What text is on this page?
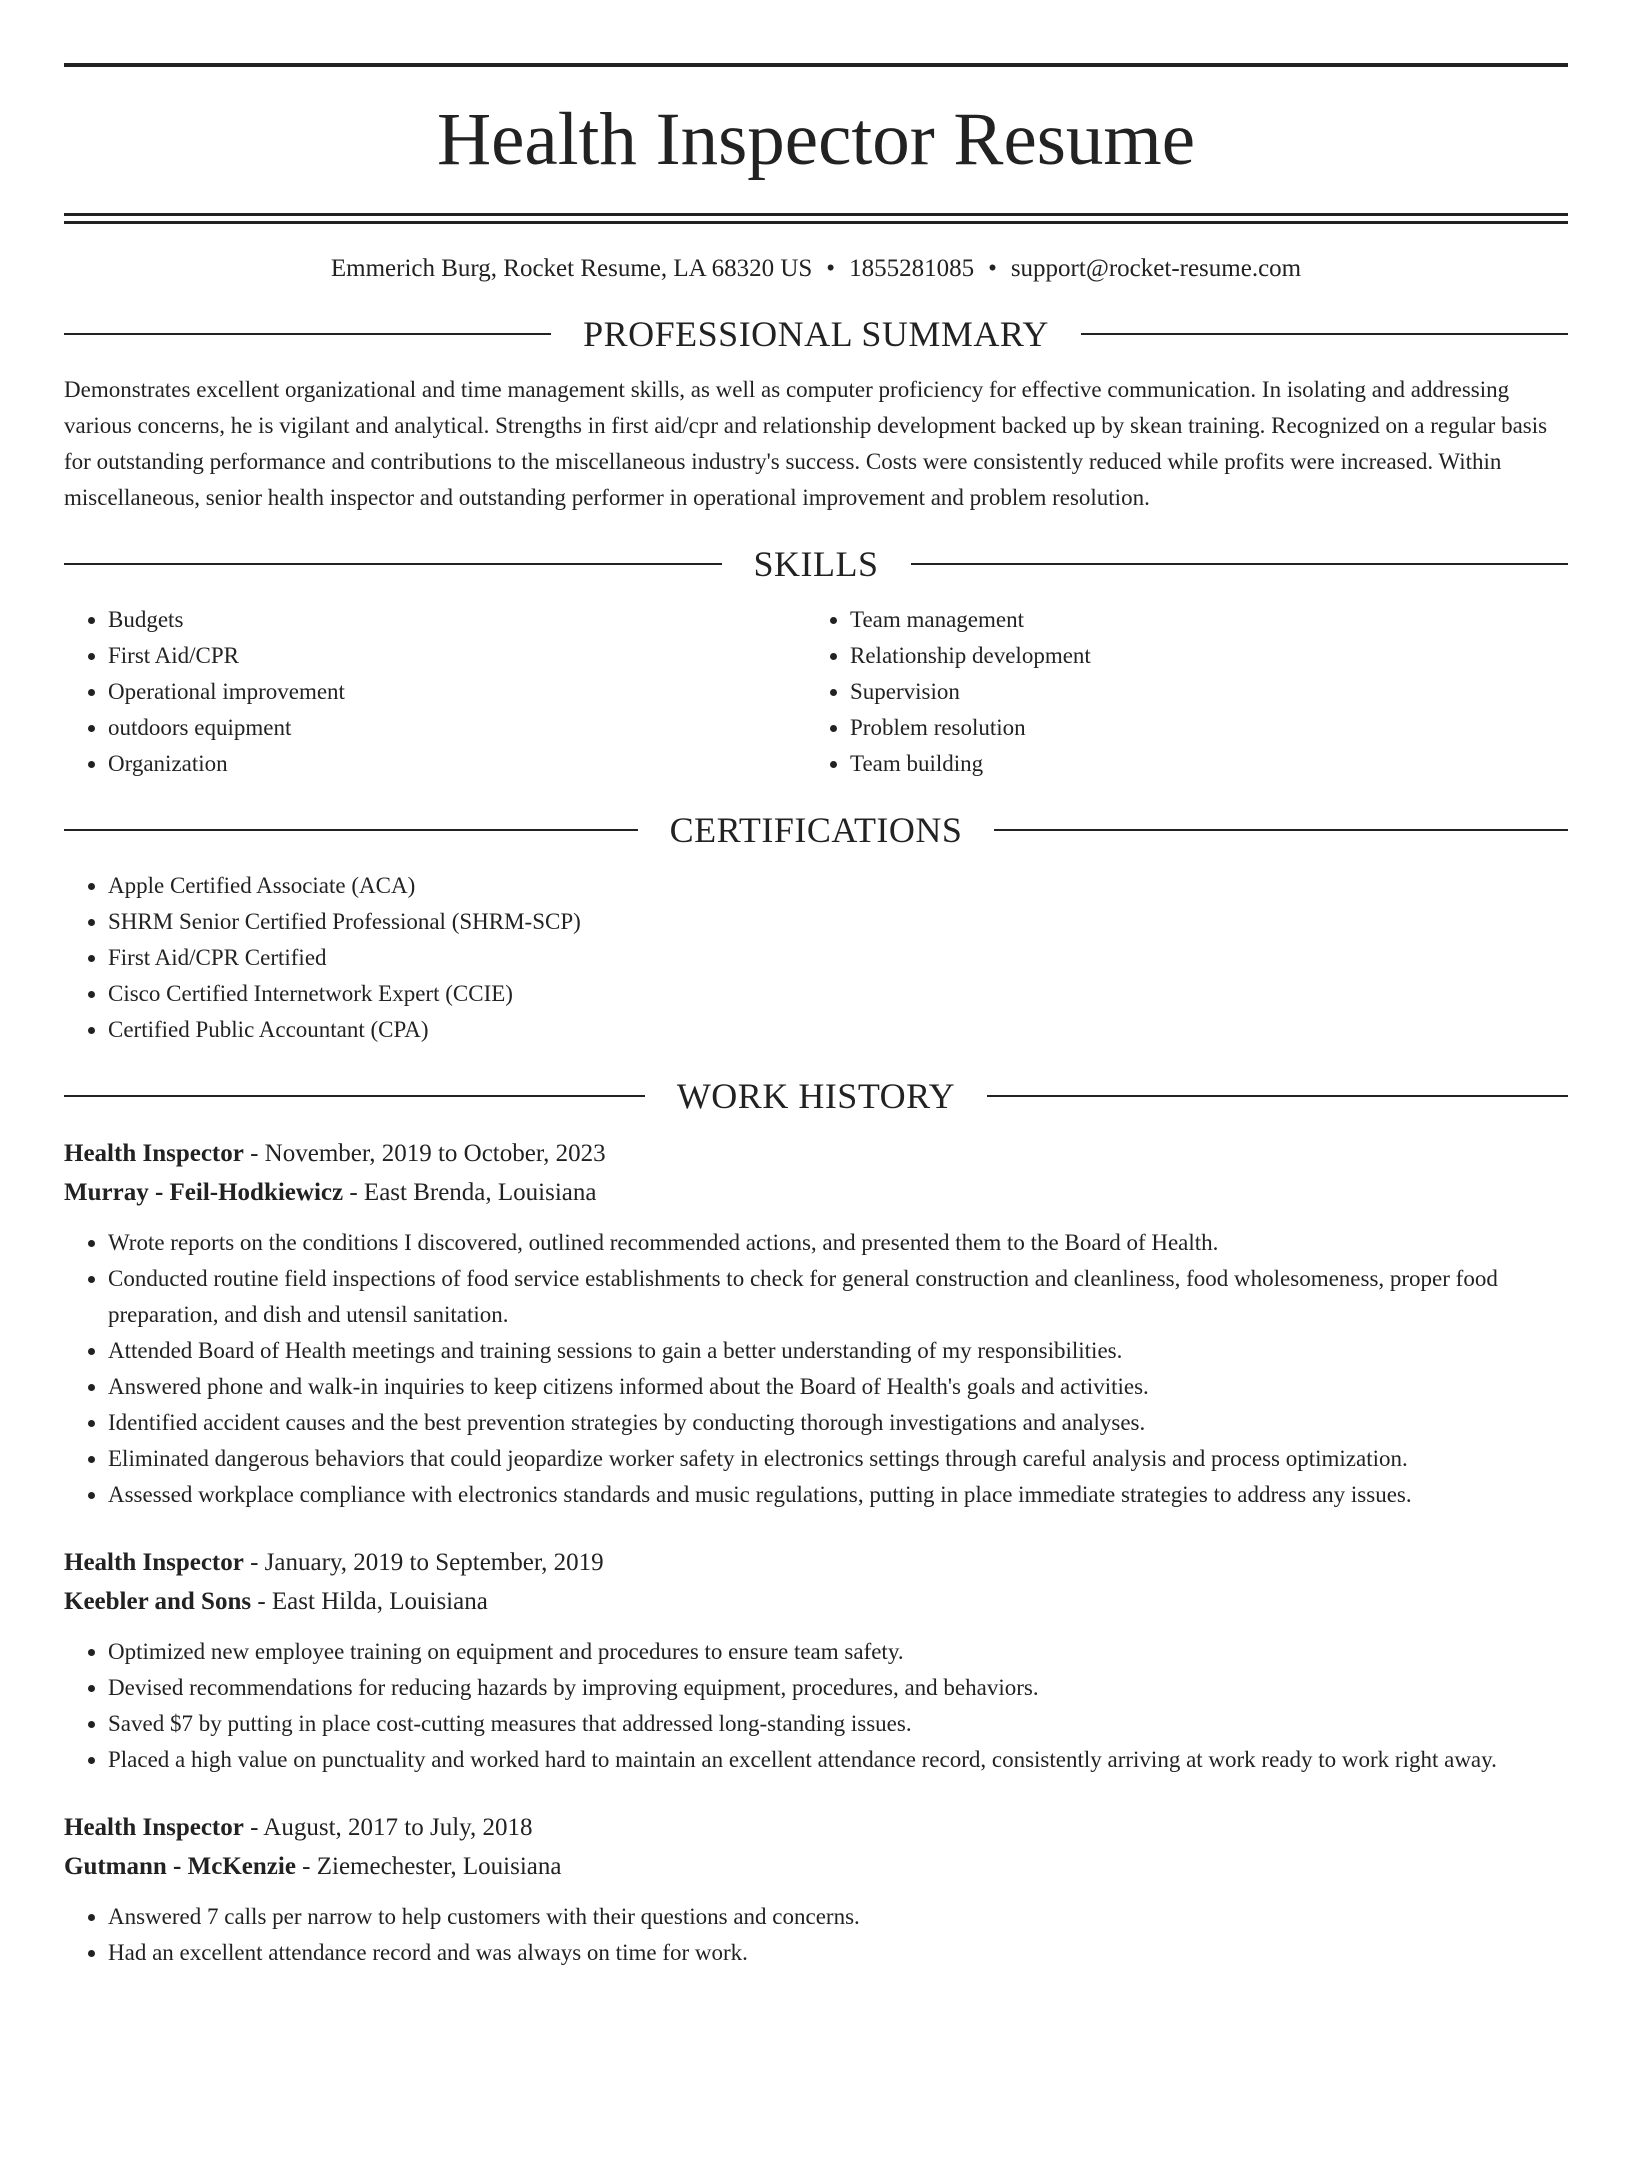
Health Inspector Resume
Emmerich Burg, Rocket Resume, LA 68320 US • 1855281085 • support@rocket-resume.com
PROFESSIONAL SUMMARY

Demonstrates excellent organizational and time management skills, as well as computer proficiency for effective communication. In isolating and addressing various concerns, he is vigilant and analytical. Strengths in first aid/cpr and relationship development backed up by skean training. Recognized on a regular basis for outstanding performance and contributions to the miscellaneous industry's success. Costs were consistently reduced while profits were increased. Within miscellaneous, senior health inspector and outstanding performer in operational improvement and problem resolution.

SKILLS
• Budgets
• First Aid/CPR
• Operational improvement
• outdoors equipment
• Organization
• Team management
• Relationship development
• Supervision
• Problem resolution
• Team building
CERTIFICATIONS
• Apple Certified Associate (ACA)
• SHRM Senior Certified Professional (SHRM-SCP)
• First Aid/CPR Certified
• Cisco Certified Internetwork Expert (CCIE)
• Certified Public Accountant (CPA)
WORK HISTORY
Health Inspector - November, 2019 to October, 2023
Murray - Feil-Hodkiewicz - East Brenda, Louisiana
• Wrote reports on the conditions I discovered, outlined recommended actions, and presented them to the Board of Health.
• Conducted routine field inspections of food service establishments to check for general construction and cleanliness, food wholesomeness, proper food preparation, and dish and utensil sanitation.
• Attended Board of Health meetings and training sessions to gain a better understanding of my responsibilities.
• Answered phone and walk-in inquiries to keep citizens informed about the Board of Health's goals and activities.
• Identified accident causes and the best prevention strategies by conducting thorough investigations and analyses.
• Eliminated dangerous behaviors that could jeopardize worker safety in electronics settings through careful analysis and process optimization.
• Assessed workplace compliance with electronics standards and music regulations, putting in place immediate strategies to address any issues.
Health Inspector - January, 2019 to September, 2019
Keebler and Sons - East Hilda, Louisiana
• Optimized new employee training on equipment and procedures to ensure team safety.
• Devised recommendations for reducing hazards by improving equipment, procedures, and behaviors.
• Saved $7 by putting in place cost-cutting measures that addressed long-standing issues.
• Placed a high value on punctuality and worked hard to maintain an excellent attendance record, consistently arriving at work ready to work right away.
Health Inspector - August, 2017 to July, 2018
Gutmann - McKenzie - Ziemechester, Louisiana
• Answered 7 calls per narrow to help customers with their questions and concerns.
• Had an excellent attendance record and was always on time for work.
